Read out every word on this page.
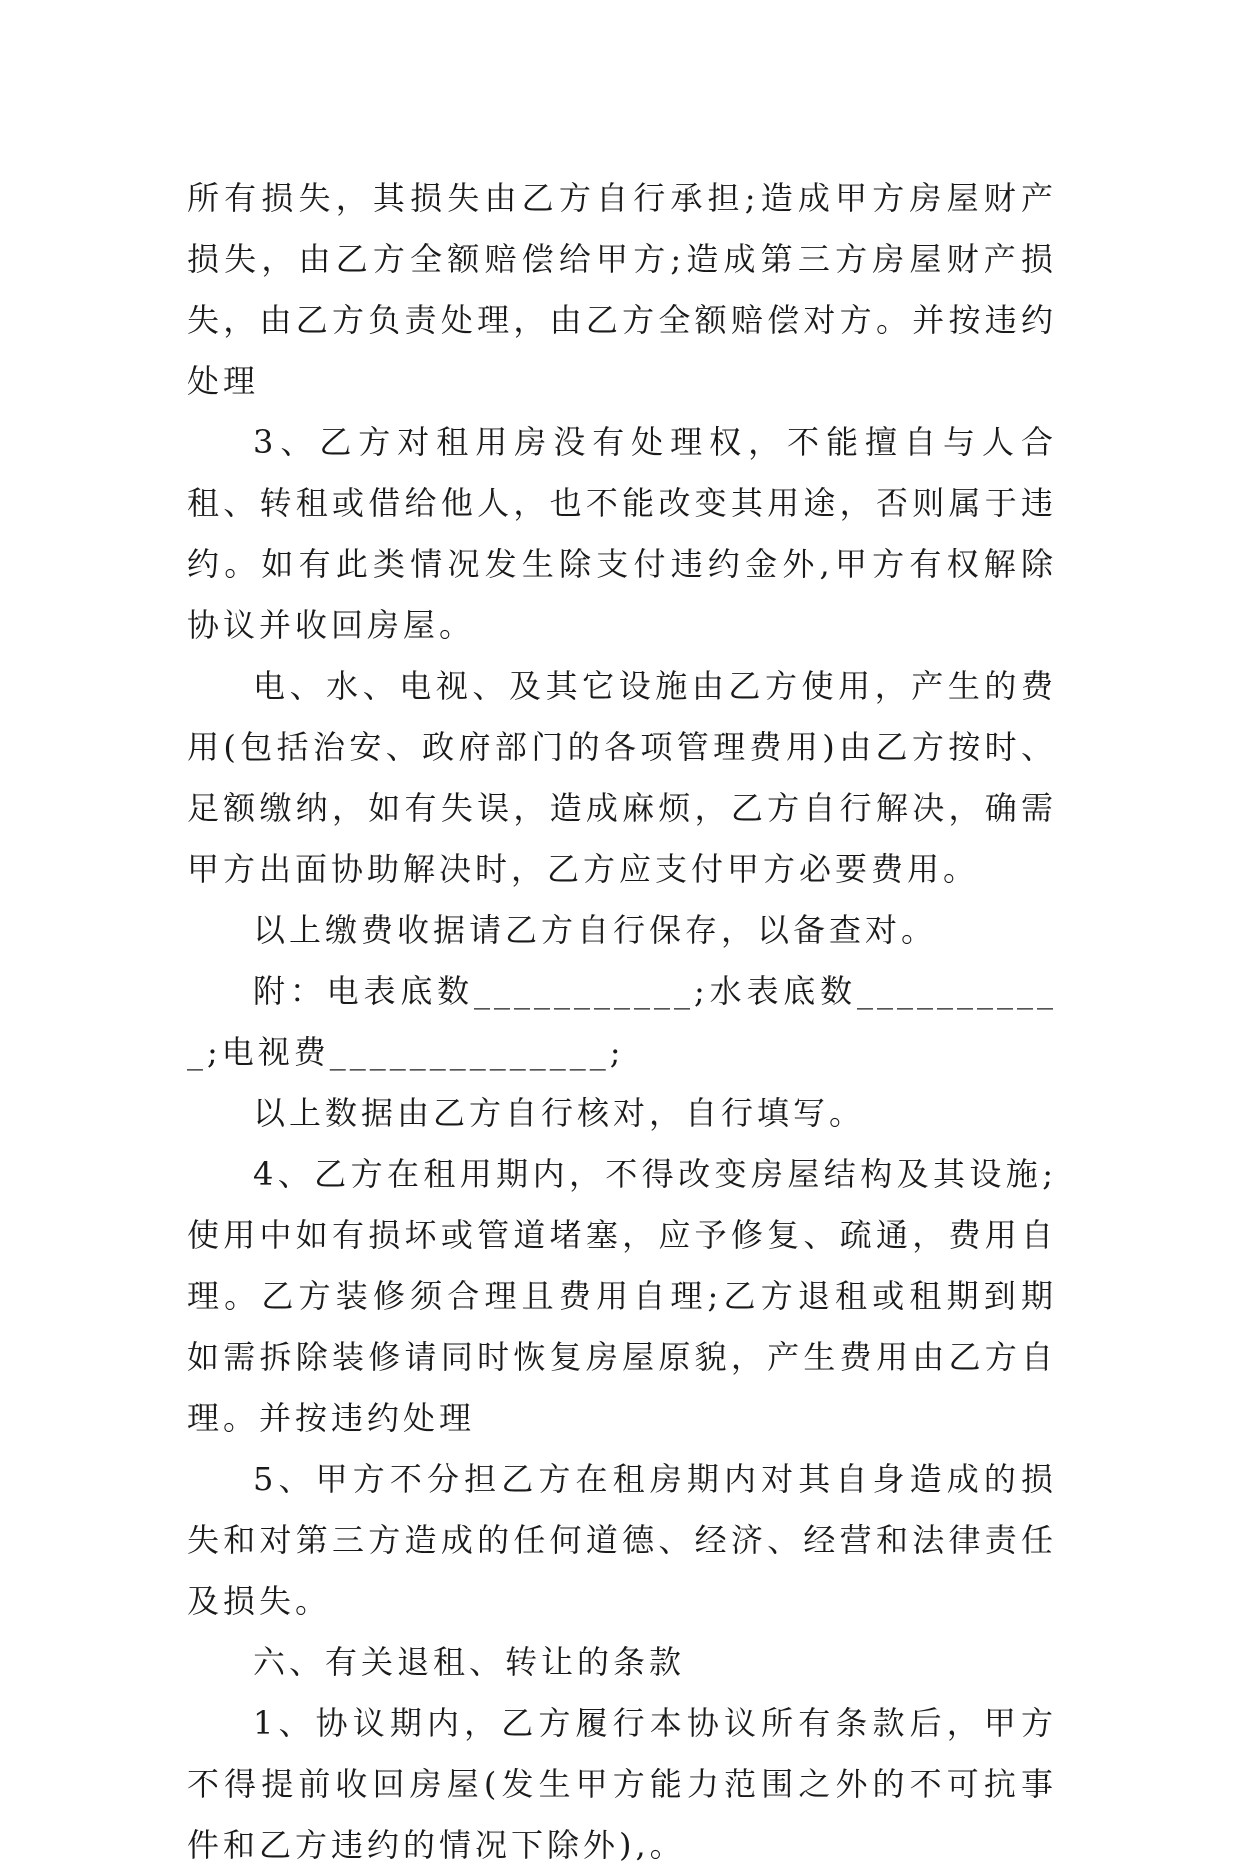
所有损失，其损失由乙方自行承担;造成甲方房屋财产损失，由乙方全额赔偿给甲方;造成第三方房屋财产损失，由乙方负责处理，由乙方全额赔偿对方。并按违约处理

3、乙方对租用房没有处理权，不能擅自与人合租、转租或借给他人，也不能改变其用途，否则属于违约。如有此类情况发生除支付违约金外,甲方有权解除协议并收回房屋。

电、水、电视、及其它设施由乙方使用，产生的费用(包括治安、政府部门的各项管理费用)由乙方按时、足额缴纳，如有失误，造成麻烦，乙方自行解决，确需甲方出面协助解决时，乙方应支付甲方必要费用。

以上缴费收据请乙方自行保存，以备查对。

附：电表底数___________;水表底数___________;电视费______________;

以上数据由乙方自行核对，自行填写。

4、乙方在租用期内，不得改变房屋结构及其设施;使用中如有损坏或管道堵塞，应予修复、疏通，费用自理。乙方装修须合理且费用自理;乙方退租或租期到期如需拆除装修请同时恢复房屋原貌，产生费用由乙方自理。并按违约处理

5、甲方不分担乙方在租房期内对其自身造成的损失和对第三方造成的任何道德、经济、经营和法律责任及损失。

六、有关退租、转让的条款

1、协议期内，乙方履行本协议所有条款后，甲方不得提前收回房屋(发生甲方能力范围之外的不可抗事件和乙方违约的情况下除外),。
